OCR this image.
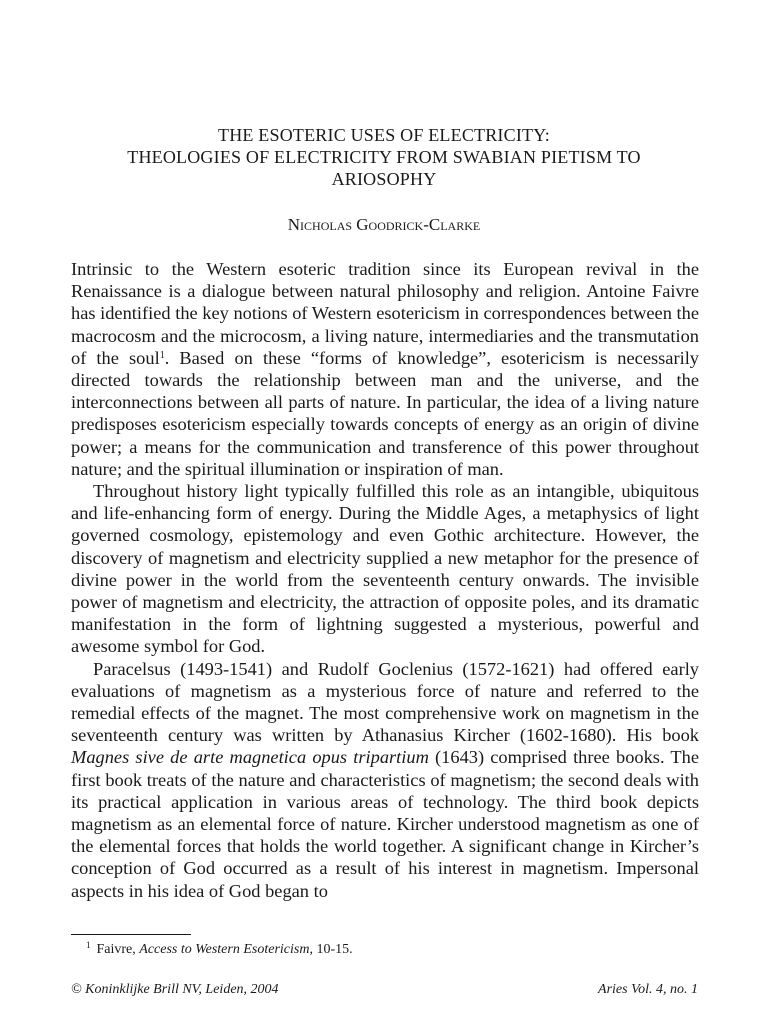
THE ESOTERIC USES OF ELECTRICITY:
THEOLOGIES OF ELECTRICITY FROM SWABIAN PIETISM TO
ARIOSOPHY
Nicholas Goodrick-Clarke

Intrinsic to the Western esoteric tradition since its European revival in the Renaissance is a dialogue between natural philosophy and religion. Antoine Faivre has identified the key notions of Western esotericism in correspondences between the macrocosm and the microcosm, a living nature, intermediaries and the transmutation of the soul$^1$. Based on these “forms of knowledge”, esotericism is necessarily directed towards the relationship between man and the universe, and the interconnections between all parts of nature. In particular, the idea of a living nature predisposes esotericism especially towards concepts of energy as an origin of divine power; a means for the communication and transference of this power throughout nature; and the spiritual illumination or inspiration of man.

Throughout history light typically fulfilled this role as an intangible, ubiquitous and life-enhancing form of energy. During the Middle Ages, a metaphysics of light governed cosmology, epistemology and even Gothic architecture. However, the discovery of magnetism and electricity supplied a new metaphor for the presence of divine power in the world from the seventeenth century onwards. The invisible power of magnetism and electricity, the attraction of opposite poles, and its dramatic manifestation in the form of lightning suggested a mysterious, powerful and awesome symbol for God.

Paracelsus (1493-1541) and Rudolf Goclenius (1572-1621) had offered early evaluations of magnetism as a mysterious force of nature and referred to the remedial effects of the magnet. The most comprehensive work on magnetism in the seventeenth century was written by Athanasius Kircher (1602-1680). His book Magnes sive de arte magnetica opus tripartium (1643) comprised three books. The first book treats of the nature and characteristics of magnetism; the second deals with its practical application in various areas of technology. The third book depicts magnetism as an elemental force of nature. Kircher understood magnetism as one of the elemental forces that holds the world together. A significant change in Kircher’s conception of God occurred as a result of his interest in magnetism. Impersonal aspects in his idea of God began to

$^1$ Faivre, Access to Western Esotericism, 10-15.
© Koninklijke Brill NV, Leiden, 2004	Aries Vol. 4, no. 1
